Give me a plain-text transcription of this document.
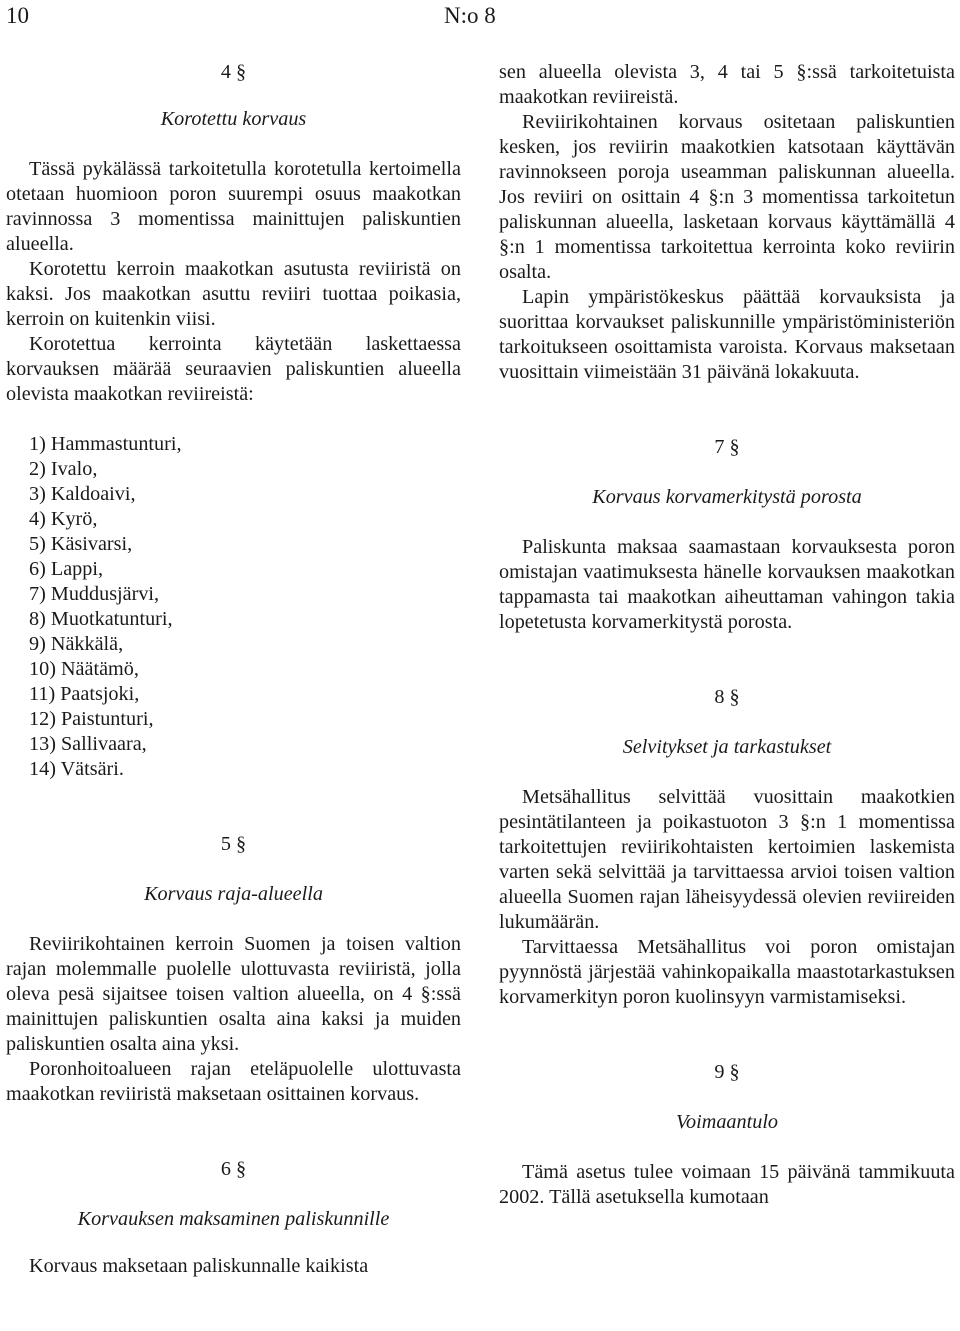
10	N:o 8
4 §
Korotettu korvaus

Tässä pykälässä tarkoitetulla korotetulla kertoimella otetaan huomioon poron suurempi osuus maakotkan ravinnossa 3 momentissa mainittujen paliskuntien alueella.

Korotettu kerroin maakotkan asutusta reviiristä on kaksi. Jos maakotkan asuttu reviiri tuottaa poikasia, kerroin on kuitenkin viisi.

Korotettua kerrointa käytetään laskettaessa korvauksen määrää seuraavien paliskuntien alueella olevista maakotkan reviireistä:

1) Hammastunturi,
2) Ivalo,
3) Kaldoaivi,
4) Kyrö,
5) Käsivarsi,
6) Lappi,
7) Muddusjärvi,
8) Muotkatunturi,
9) Näkkälä,
10) Näätämö,
11) Paatsjoki,
12) Paistunturi,
13) Sallivaara,
14) Vätsäri.
5 §
Korvaus raja-alueella

Reviirikohtainen kerroin Suomen ja toisen valtion rajan molemmalle puolelle ulottuvasta reviiristä, jolla oleva pesä sijaitsee toisen valtion alueella, on 4 §:ssä mainittujen paliskuntien osalta aina kaksi ja muiden paliskuntien osalta aina yksi.

Poronhoitoalueen rajan eteläpuolelle ulottuvasta maakotkan reviiristä maksetaan osittainen korvaus.

6 §
Korvauksen maksaminen paliskunnille

Korvaus maksetaan paliskunnalle kaikista

sen alueella olevista 3, 4 tai 5 §:ssä tarkoitetuista maakotkan reviireistä.

Reviirikohtainen korvaus ositetaan paliskuntien kesken, jos reviirin maakotkien katsotaan käyttävän ravinnokseen poroja useamman paliskunnan alueella. Jos reviiri on osittain 4 §:n 3 momentissa tarkoitetun paliskunnan alueella, lasketaan korvaus käyttämällä 4 §:n 1 momentissa tarkoitettua kerrointa koko reviirin osalta.

Lapin ympäristökeskus päättää korvauksista ja suorittaa korvaukset paliskunnille ympäristöministeriön tarkoitukseen osoittamista varoista. Korvaus maksetaan vuosittain viimeistään 31 päivänä lokakuuta.

7 §
Korvaus korvamerkitystä porosta

Paliskunta maksaa saamastaan korvauksesta poron omistajan vaatimuksesta hänelle korvauksen maakotkan tappamasta tai maakotkan aiheuttaman vahingon takia lopetetusta korvamerkitystä porosta.

8 §
Selvitykset ja tarkastukset

Metsähallitus selvittää vuosittain maakotkien pesintätilanteen ja poikastuoton 3 §:n 1 momentissa tarkoitettujen reviirikohtaisten kertoimien laskemista varten sekä selvittää ja tarvittaessa arvioi toisen valtion alueella Suomen rajan läheisyydessä olevien reviireiden lukumäärän.

Tarvittaessa Metsähallitus voi poron omistajan pyynnöstä järjestää vahinkopaikalla maastotarkastuksen korvamerkityn poron kuolinsyyn varmistamiseksi.

9 §
Voimaantulo

Tämä asetus tulee voimaan 15 päivänä tammikuuta 2002. Tällä asetuksella kumotaan
